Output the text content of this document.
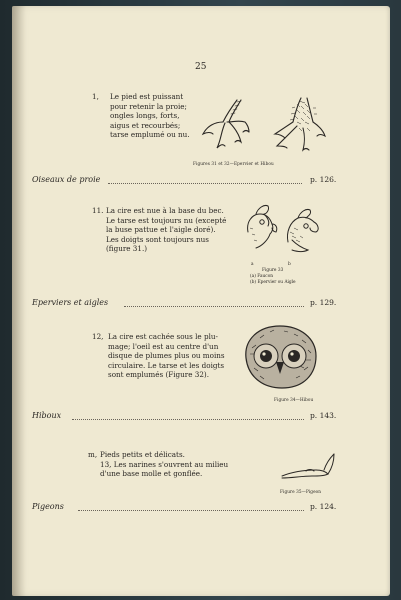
25
1, Le pied est puissant
pour retenir la proie;
ongles longs, forts,
aigus et recourbés;
tarse emplumé ou nu.
Figures 31 et 32—Epervier et Hibou
Oiseaux de proie	p. 126.
11. La cire est nue à la base du bec.
Le tarse est toujours nu (excepté
la buse pattue et l'aigle doré).
Les doigts sont toujours nus
(figure 31.)
a	b
Figure 33
(a) Faucon
(b) Epervier ou Aigle
Eperviers et aigles	p. 129.
12, La cire est cachée sous le plu-
mage; l'oeil est au centre d'un
disque de plumes plus ou moins
circulaire. Le tarse et les doigts
sont emplumés (Figure 32).
Figure 34—Hibou
Hiboux	p. 143.
m, Pieds petits et délicats.
13, Les narines s'ouvrent au milieu
d'une base molle et gonflée.
Figure 35—Pigeon
Pigeons	p. 124.
